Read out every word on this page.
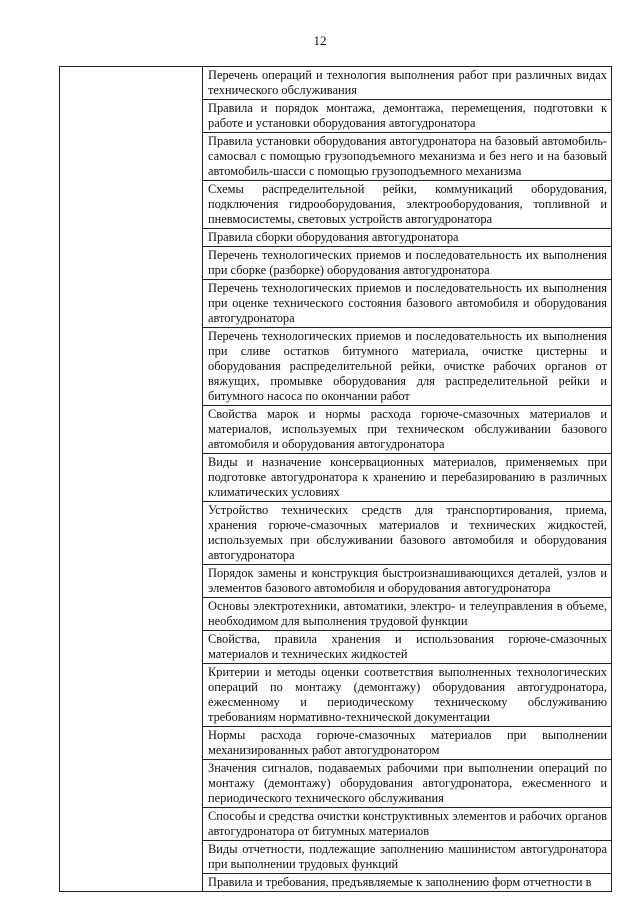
12

Перечень операций и технология выполнения работ при различных видах технического обслуживания
Правила и порядок монтажа, демонтажа, перемещения, подготовки к работе и установки оборудования автогудронатора
Правила установки оборудования автогудронатора на базовый автомобиль-самосвал с помощью грузоподъемного механизма и без него и на базовый автомобиль-шасси с помощью грузоподъемного механизма
Схемы распределительной рейки, коммуникаций оборудования, подключения гидрооборудования, электрооборудования, топливной и пневмосистемы, световых устройств автогудронатора
Правила сборки оборудования автогудронатора
Перечень технологических приемов и последовательность их выполнения при сборке (разборке) оборудования автогудронатора
Перечень технологических приемов и последовательность их выполнения при оценке технического состояния базового автомобиля и оборудования автогудронатора
Перечень технологических приемов и последовательность их выполнения при сливе остатков битумного материала, очистке цистерны и оборудования распределительной рейки, очистке рабочих органов от вяжущих, промывке оборудования для распределительной рейки и битумного насоса по окончании работ
Свойства марок и нормы расхода горюче-смазочных материалов и материалов, используемых при техническом обслуживании базового автомобиля и оборудования автогудронатора
Виды и назначение консервационных материалов, применяемых при подготовке автогудронатора к хранению и перебазированию в различных климатических условиях
Устройство технических средств для транспортирования, приема, хранения горюче-смазочных материалов и технических жидкостей, используемых при обслуживании базового автомобиля и оборудования автогудронатора
Порядок замены и конструкция быстроизнашивающихся деталей, узлов и элементов базового автомобиля и оборудования автогудронатора
Основы электротехники, автоматики, электро- и телеуправления в объеме, необходимом для выполнения трудовой функции
Свойства, правила хранения и использования горюче-смазочных материалов и технических жидкостей
Критерии и методы оценки соответствия выполненных технологических операций по монтажу (демонтажу) оборудования автогудронатора, ежесменному и периодическому техническому обслуживанию требованиям нормативно-технической документации
Нормы расхода горюче-смазочных материалов при выполнении механизированных работ автогудронатором
Значения сигналов, подаваемых рабочими при выполнении операций по монтажу (демонтажу) оборудования автогудронатора, ежесменного и периодического технического обслуживания
Способы и средства очистки конструктивных элементов и рабочих органов автогудронатора от битумных материалов
Виды отчетности, подлежащие заполнению машинистом автогудронатора при выполнении трудовых функций
Правила и требования, предъявляемые к заполнению форм отчетности в
